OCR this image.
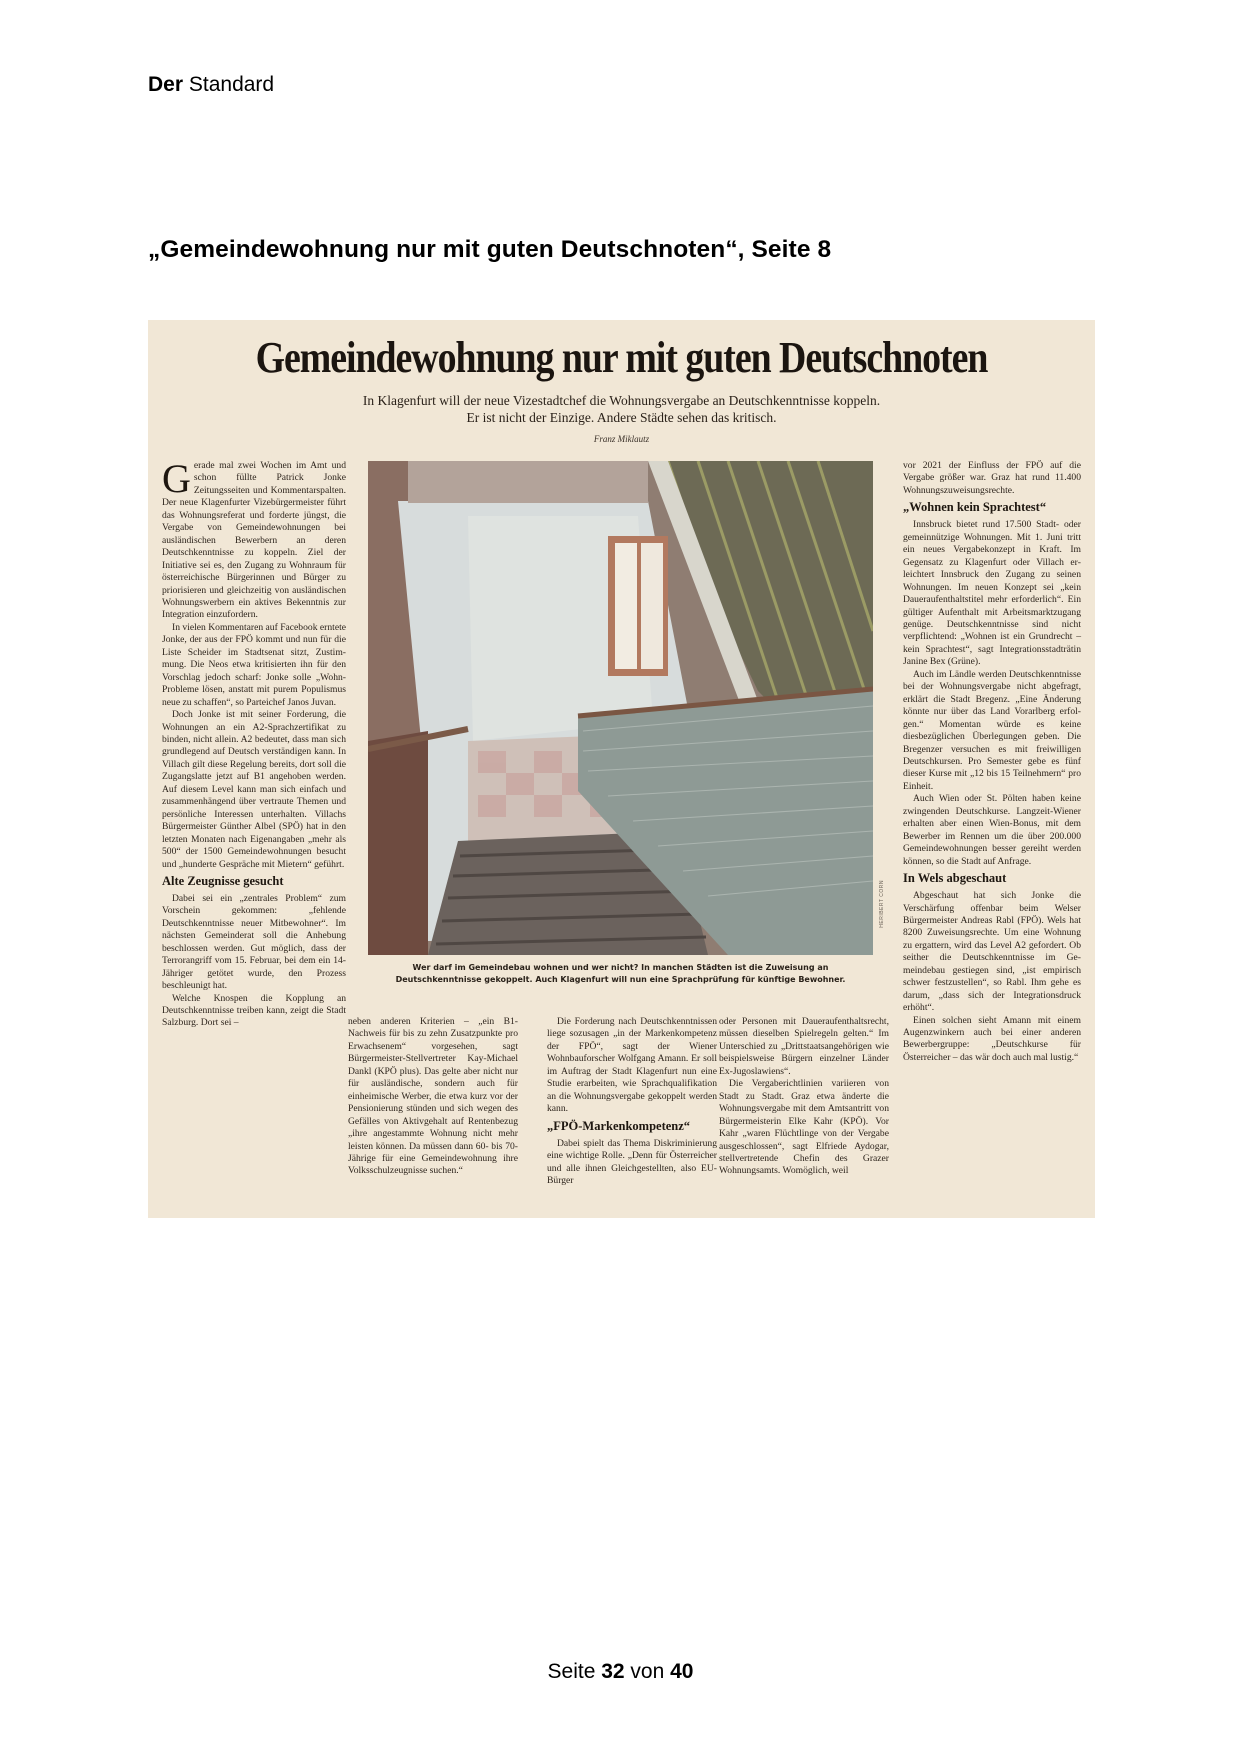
Der Standard
„Gemeindewohnung nur mit guten Deutschnoten“, Seite 8
Gemeindewohnung nur mit guten Deutschnoten
In Klagenfurt will der neue Vizestadtchef die Wohnungsvergabe an Deutschkenntnisse koppeln.
Er ist nicht der Einzige. Andere Städte sehen das kritisch.
Franz Miklautz

Gerade mal zwei Wochen im Amt und schon füllte Patrick Jonke Zeitungsseiten und Kommentarspalten. Der neue Klagenfurter Vizebürgermeister führt das Wohnungsreferat und forderte jüngst, die Vergabe von Gemeindewohnungen bei ausländischen Bewerbern an deren Deutschkenntnisse zu koppeln. Ziel der Initiative sei es, den Zugang zu Wohnraum für österreichische Bürgerinnen und Bürger zu priorisieren und gleichzeitig von ausländischen Wohnungswerbern ein aktives Bekenntnis zur Integration einzufordern.

In vielen Kommentaren auf Facebook erntete Jonke, der aus der FPÖ kommt und nun für die Liste Scheider im Stadtsenat sitzt, Zustimmung. Die Neos etwa kritisierten ihn für den Vorschlag jedoch scharf: Jonke solle „Wohn-Probleme lösen, anstatt mit purem Populismus neue zu schaffen“, so Parteichef Janos Juvan.

Doch Jonke ist mit seiner Forderung, die Wohnungen an ein A2-Sprachzertifikat zu binden, nicht allein. A2 bedeutet, dass man sich grundlegend auf Deutsch verständigen kann. In Villach gilt diese Regelung bereits, dort soll die Zugangslatte jetzt auf B1 angehoben werden. Auf diesem Level kann man sich einfach und zusammenhängend über vertraute Themen und persönliche Interessen unterhalten. Villachs Bürgermeister Günther Albel (SPÖ) hat in den letzten Monaten nach Eigenangaben „mehr als 500“ der 1500 Gemeindewohnungen besucht und „hunderte Gespräche mit Mietern“ geführt.

Alte Zeugnisse gesucht

Dabei sei ein „zentrales Problem“ zum Vorschein gekommen: „fehlende Deutschkenntnisse neuer Mitbewohner“. Im nächsten Gemeinderat soll die Anhebung beschlossen werden. Gut möglich, dass der Terrorangriff vom 15. Februar, bei dem ein 14-Jähriger getötet wurde, den Prozess beschleunigt hat.

Welche Knospen die Kopplung an Deutschkenntnisse treiben kann, zeigt die Stadt Salzburg. Dort sei –

HERIBERT CORN
Wer darf im Gemeindebau wohnen und wer nicht? In manchen Städten ist die Zuweisung an
Deutschkenntnisse gekoppelt. Auch Klagenfurt will nun eine Sprachprüfung für künftige Bewohner.

neben anderen Kriterien – „ein B1-Nachweis für bis zu zehn Zusatzpunkte pro Erwachsenem“ vorgesehen, sagt Bürgermeister-Stellvertreter Kay-Michael Dankl (KPÖ plus). Das gelte aber nicht nur für ausländische, sondern auch für einheimische Werber, die etwa kurz vor der Pensionierung stünden und sich wegen des Gefälles von Aktivgehalt auf Rentenbezug „ihre angestammte Wohnung nicht mehr leisten können. Da müssen dann 60- bis 70-Jährige für eine Gemeindewohnung ihre Volksschulzeugnisse suchen.“

Die Forderung nach Deutschkenntnissen liege sozusagen „in der Markenkompetenz der FPÖ“, sagt der Wiener Wohnbauforscher Wolfgang Amann. Er soll im Auftrag der Stadt Klagenfurt nun eine Studie erarbeiten, wie Sprachqualifikation an die Wohnungsvergabe gekoppelt werden kann.

„FPÖ-Markenkompetenz“

Dabei spielt das Thema Diskriminierung eine wichtige Rolle. „Denn für Österreicher und alle ihnen Gleichgestellten, also EU-Bürger

oder Personen mit Daueraufenthaltsrecht, müssen dieselben Spielregeln gelten.“ Im Unterschied zu „Drittstaatsangehörigen wie beispielsweise Bürgern einzelner Länder Ex-Jugoslawiens“.

Die Vergaberichtlinien variieren von Stadt zu Stadt. Graz etwa änderte die Wohnungsvergabe mit dem Amtsantritt von Bürgermeisterin Elke Kahr (KPÖ). Vor Kahr „waren Flüchtlinge von der Vergabe ausgeschlossen“, sagt Elfriede Aydogar, stellvertretende Chefin des Grazer Wohnungsamts. Womöglich, weil

vor 2021 der Einfluss der FPÖ auf die Vergabe größer war. Graz hat rund 11.400 Wohnungszuweisungsrechte.

„Wohnen kein Sprachtest“

Innsbruck bietet rund 17.500 Stadt- oder gemeinnützige Wohnungen. Mit 1. Juni tritt ein neues Vergabekonzept in Kraft. Im Gegensatz zu Klagenfurt oder Villach erleichtert Innsbruck den Zugang zu seinen Wohnungen. Im neuen Konzept sei „kein Daueraufenthaltstitel mehr erforderlich“. Ein gültiger Aufenthalt mit Arbeitsmarktzugang genüge. Deutschkenntnisse sind nicht verpflichtend: „Wohnen ist ein Grundrecht – kein Sprachtest“, sagt Integrationsstadträtin Janine Bex (Grüne).

Auch im Ländle werden Deutschkenntnisse bei der Wohnungsvergabe nicht abgefragt, erklärt die Stadt Bregenz. „Eine Änderung könnte nur über das Land Vorarlberg erfolgen.“ Momentan würde es keine diesbezüglichen Überlegungen geben. Die Bregenzer versuchen es mit freiwilligen Deutschkursen. Pro Semester gebe es fünf dieser Kurse mit „12 bis 15 Teilnehmern“ pro Einheit.

Auch Wien oder St. Pölten haben keine zwingenden Deutschkurse. Langzeit-Wiener erhalten aber einen Wien-Bonus, mit dem Bewerber im Rennen um die über 200.000 Gemeindewohnungen besser gereiht werden können, so die Stadt auf Anfrage.

In Wels abgeschaut

Abgeschaut hat sich Jonke die Verschärfung offenbar beim Welser Bürgermeister Andreas Rabl (FPÖ). Wels hat 8200 Zuweisungsrechte. Um eine Wohnung zu ergattern, wird das Level A2 gefordert. Ob seither die Deutschkenntnisse im Gemeindebau gestiegen sind, „ist empirisch schwer festzustellen“, so Rabl. Ihm gehe es darum, „dass sich der Integrationsdruck erhöht“.

Einen solchen sieht Amann mit einem Augenzwinkern auch bei einer anderen Bewerbergruppe: „Deutschkurse für Österreicher – das wär doch auch mal lustig.“

Seite 32 von 40
